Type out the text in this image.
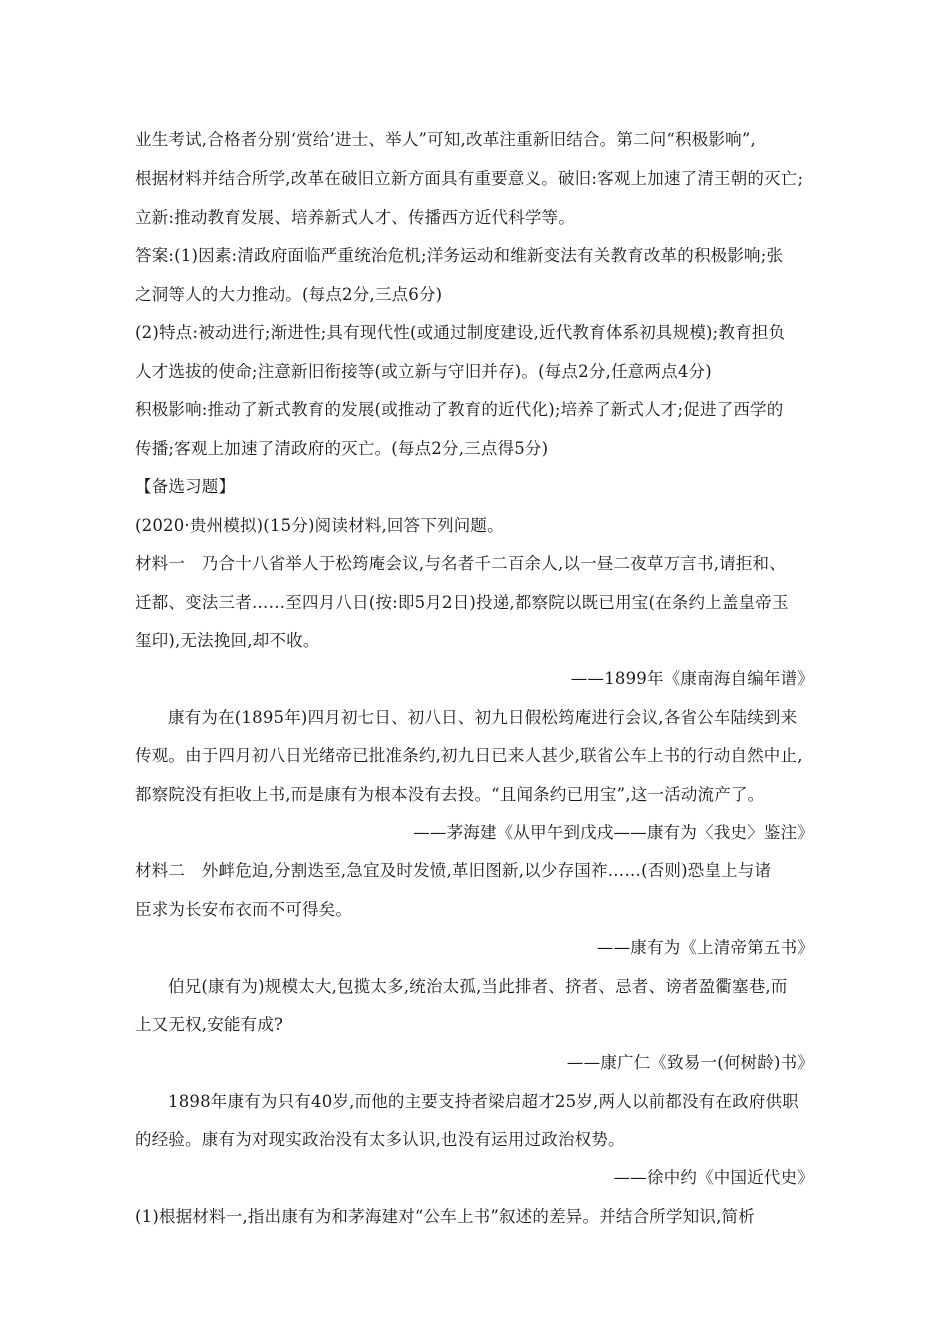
业生考试,合格者分别‘赏给’进士、举人”可知,改革注重新旧结合。第二问“积极影响”,
根据材料并结合所学,改革在破旧立新方面具有重要意义。破旧:客观上加速了清王朝的灭亡;
立新:推动教育发展、培养新式人才、传播西方近代科学等。
答案:(1)因素:清政府面临严重统治危机;洋务运动和维新变法有关教育改革的积极影响;张
之洞等人的大力推动。(每点2分,三点6分)
(2)特点:被动进行;渐进性;具有现代性(或通过制度建设,近代教育体系初具规模);教育担负
人才选拔的使命;注意新旧衔接等(或立新与守旧并存)。(每点2分,任意两点4分)
积极影响:推动了新式教育的发展(或推动了教育的近代化);培养了新式人才;促进了西学的
传播;客观上加速了清政府的灭亡。(每点2分,三点得5分)
【备选习题】
(2020·贵州模拟)(15分)阅读材料,回答下列问题。
材料一　乃合十八省举人于松筠庵会议,与名者千二百余人,以一昼二夜草万言书,请拒和、
迁都、变法三者……至四月八日(按:即5月2日)投递,都察院以既已用宝(在条约上盖皇帝玉
玺印),无法挽回,却不收。
——1899年《康南海自编年谱》
康有为在(1895年)四月初七日、初八日、初九日假松筠庵进行会议,各省公车陆续到来
传观。由于四月初八日光绪帝已批准条约,初九日已来人甚少,联省公车上书的行动自然中止,
都察院没有拒收上书,而是康有为根本没有去投。“且闻条约已用宝”,这一活动流产了。
——茅海建《从甲午到戊戌——康有为〈我史〉鉴注》
材料二　外衅危迫,分割迭至,急宜及时发愤,革旧图新,以少存国祚……(否则)恐皇上与诸
臣求为长安布衣而不可得矣。
——康有为《上清帝第五书》
伯兄(康有为)规模太大,包揽太多,统治太孤,当此排者、挤者、忌者、谤者盈衢塞巷,而
上又无权,安能有成?
——康广仁《致易一(何树龄)书》
1898年康有为只有40岁,而他的主要支持者梁启超才25岁,两人以前都没有在政府供职
的经验。康有为对现实政治没有太多认识,也没有运用过政治权势。
——徐中约《中国近代史》
(1)根据材料一,指出康有为和茅海建对“公车上书”叙述的差异。并结合所学知识,简析
